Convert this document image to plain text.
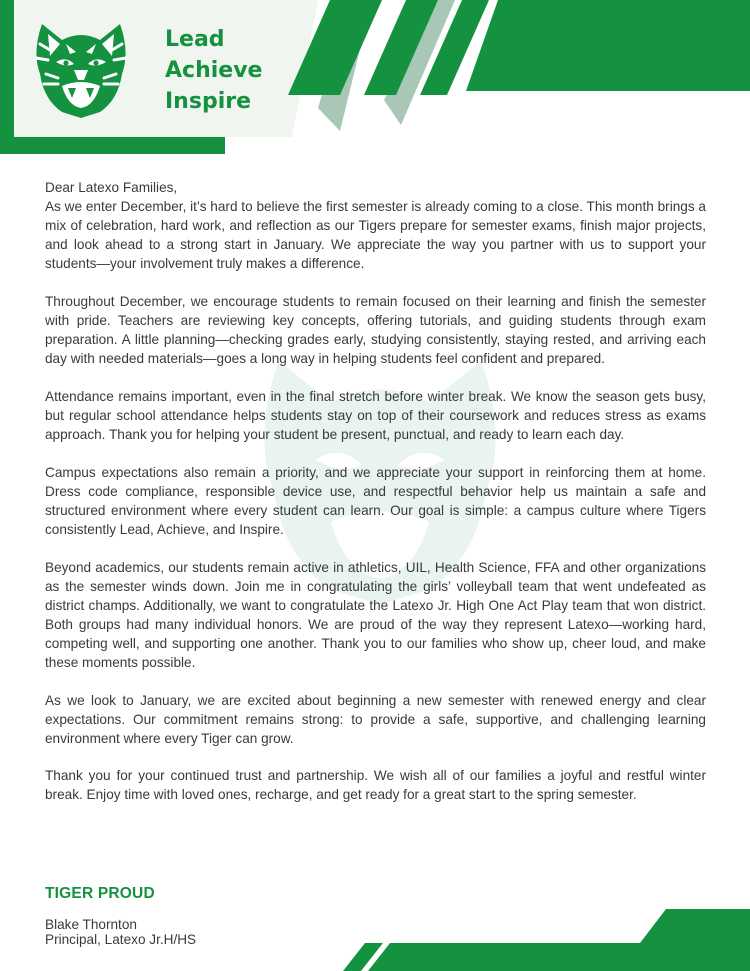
Lead
Achieve
Inspire

Dear Latexo Families,

As we enter December, it’s hard to believe the first semester is already coming to a close. This month brings a mix of celebration, hard work, and reflection as our Tigers prepare for semester exams, finish major projects, and look ahead to a strong start in January. We appreciate the way you partner with us to support your students—your involvement truly makes a difference.

Throughout December, we encourage students to remain focused on their learning and finish the semester with pride. Teachers are reviewing key concepts, offering tutorials, and guiding students through exam preparation. A little planning—checking grades early, studying consistently, staying rested, and arriving each day with needed materials—goes a long way in helping students feel confident and prepared.

Attendance remains important, even in the final stretch before winter break. We know the season gets busy, but regular school attendance helps students stay on top of their coursework and reduces stress as exams approach. Thank you for helping your student be present, punctual, and ready to learn each day.

Campus expectations also remain a priority, and we appreciate your support in reinforcing them at home. Dress code compliance, responsible device use, and respectful behavior help us maintain a safe and structured environment where every student can learn. Our goal is simple: a campus culture where Tigers consistently Lead, Achieve, and Inspire.

Beyond academics, our students remain active in athletics, UIL, Health Science, FFA and other organizations as the semester winds down. Join me in congratulating the girls’ volleyball team that went undefeated as district champs. Additionally, we want to congratulate the Latexo Jr. High One Act Play team that won district. Both groups had many individual honors. We are proud of the way they represent Latexo—working hard, competing well, and supporting one another. Thank you to our families who show up, cheer loud, and make these moments possible.

As we look to January, we are excited about beginning a new semester with renewed energy and clear expectations. Our commitment remains strong: to provide a safe, supportive, and challenging learning environment where every Tiger can grow.

Thank you for your continued trust and partnership. We wish all of our families a joyful and restful winter break. Enjoy time with loved ones, recharge, and get ready for a great start to the spring semester.

TIGER PROUD
Blake Thornton
Principal, Latexo Jr.H/HS
